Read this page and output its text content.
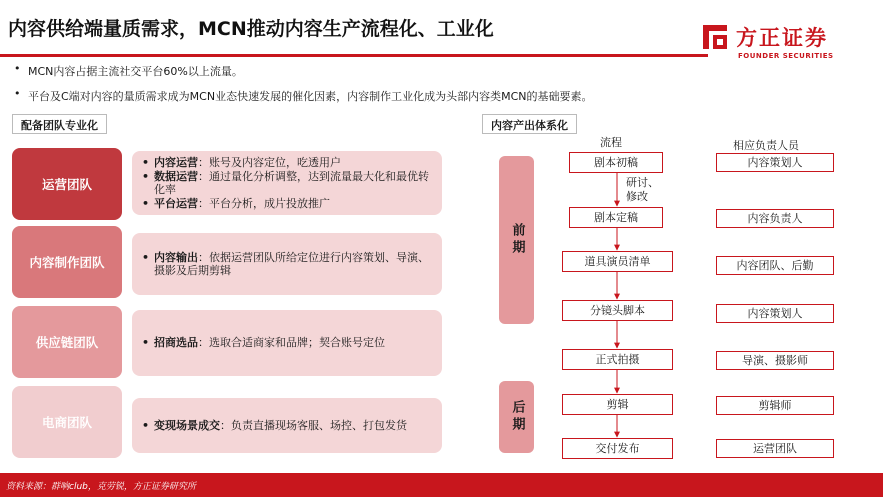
内容供给端量质需求，MCN推动内容生产流程化、工业化	方正证券
FOUNDER SECURITIES
• MCN内容占据主流社交平台60%以上流量。
• 平台及C端对内容的量质需求成为MCN业态快速发展的催化因素，内容制作工业化成为头部内容类MCN的基础要素。
配备团队专业化
运营团队
• 内容运营：账号及内容定位，吃透用户
• 数据运营：通过量化分析调整，达到流量最大化和最优转化率
• 平台运营：平台分析，成片投放推广
内容制作团队	• 内容输出：依据运营团队所给定位进行内容策划、导演、摄影及后期剪辑
供应链团队	• 招商选品：选取合适商家和品牌；契合账号定位
电商团队	• 变现场景成交：负责直播现场客服、场控、打包发货
内容产出体系化
流程	相应负责人员
前期
后期
剧本初稿	内容策划人
剧本定稿	内容负责人
道具演员清单	内容团队、后勤
分镜头脚本	内容策划人
正式拍摄	导演、摄影师
剪辑	剪辑师
交付发布	运营团队
研讨、修改
资料来源：群响club，克劳锐，方正证券研究所
